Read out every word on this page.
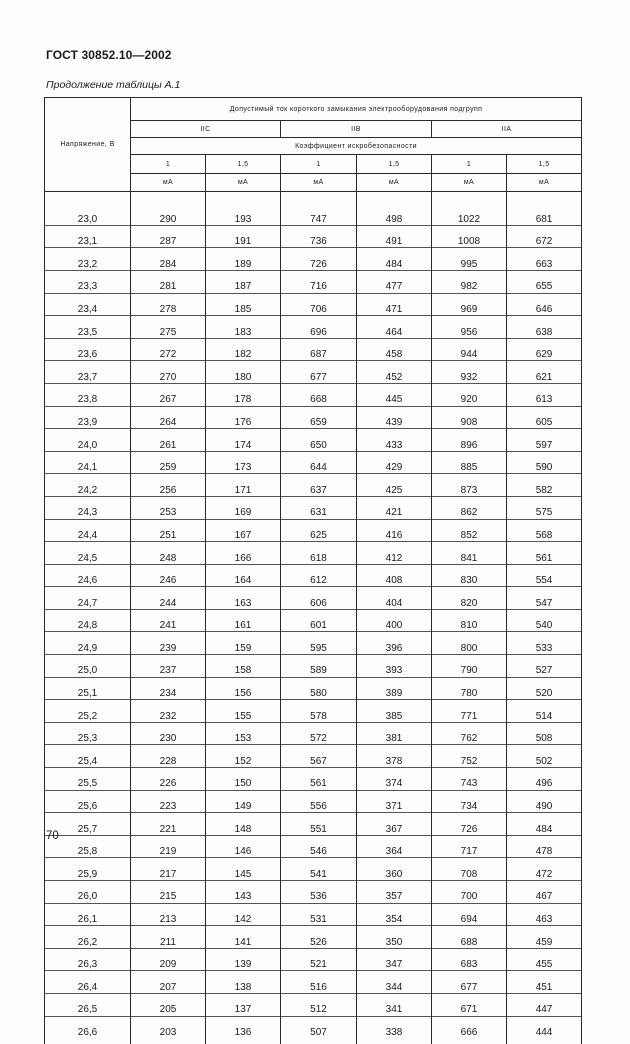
ГОСТ 30852.10—2002
Продолжение таблицы А.1
Напряжение, В	Допустимый ток короткого замыкания электрооборудования подгрупп					
	IIC		IIB		IIA	
	Коэффициент искробезопасности					
	1	1,5	1	1,5	1	1,5
	мА	мА	мА	мА	мА	мА

23,0	290	193	747	498	1022	681
23,1	287	191	736	491	1008	672
23,2	284	189	726	484	995	663
23,3	281	187	716	477	982	655
23,4	278	185	706	471	969	646
23,5	275	183	696	464	956	638
23,6	272	182	687	458	944	629
23,7	270	180	677	452	932	621
23,8	267	178	668	445	920	613
23,9	264	176	659	439	908	605
24,0	261	174	650	433	896	597
24,1	259	173	644	429	885	590
24,2	256	171	637	425	873	582
24,3	253	169	631	421	862	575
24,4	251	167	625	416	852	568
24,5	248	166	618	412	841	561
24,6	246	164	612	408	830	554
24,7	244	163	606	404	820	547
24,8	241	161	601	400	810	540
24,9	239	159	595	396	800	533
25,0	237	158	589	393	790	527
25,1	234	156	580	389	780	520
25,2	232	155	578	385	771	514
25,3	230	153	572	381	762	508
25,4	228	152	567	378	752	502
25,5	226	150	561	374	743	496
25,6	223	149	556	371	734	490
25,7	221	148	551	367	726	484
25,8	219	146	546	364	717	478
25,9	217	145	541	360	708	472
26,0	215	143	536	357	700	467
26,1	213	142	531	354	694	463
26,2	211	141	526	350	688	459
26,3	209	139	521	347	683	455
26,4	207	138	516	344	677	451
26,5	205	137	512	341	671	447
26,6	203	136	507	338	666	444

70
